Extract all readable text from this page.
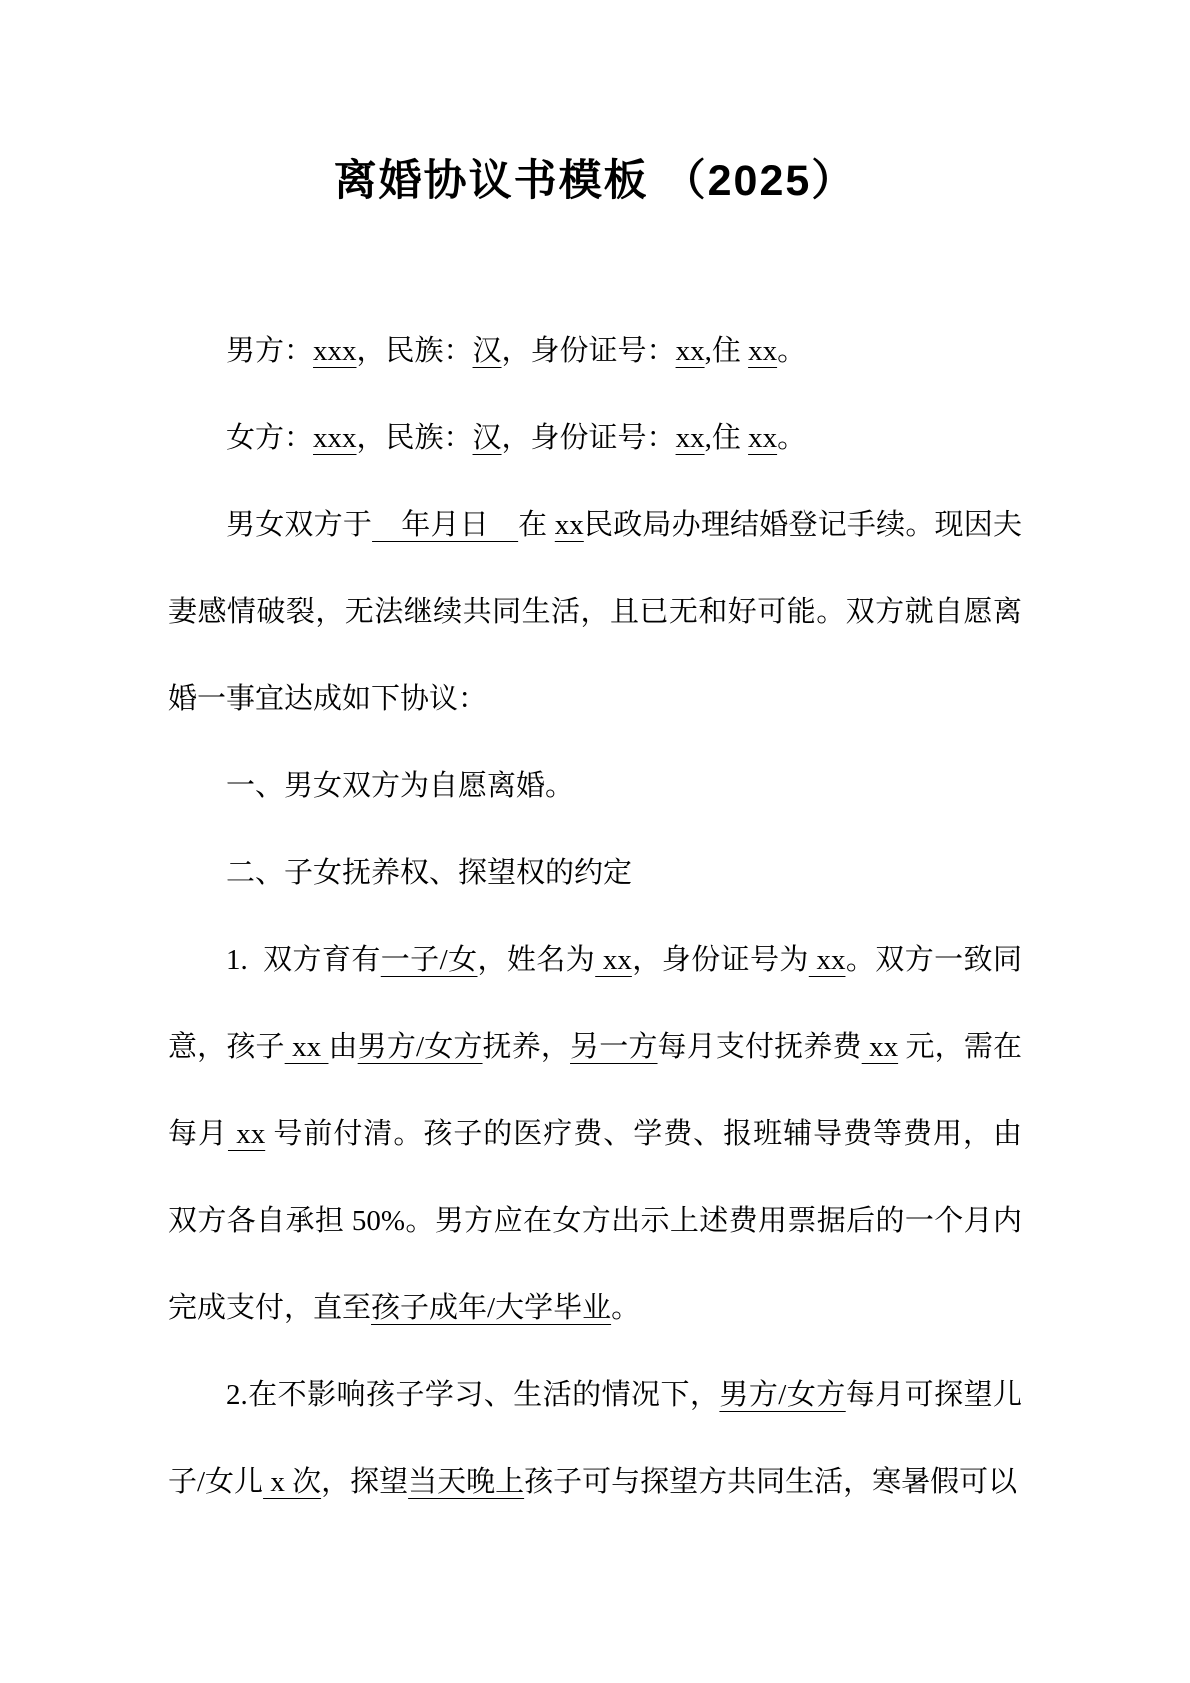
离婚协议书模板 （2025）

男方：xxx，民族：汉，身份证号：xx,住 xx。

女方：xxx，民族：汉，身份证号：xx,住 xx。

男女双方于　年月日　在 xx民政局办理结婚登记手续。现因夫妻感情破裂，无法继续共同生活，且已无和好可能。双方就自愿离婚一事宜达成如下协议：

一、男女双方为自愿离婚。

二、子女抚养权、探望权的约定

1.  双方育有一子/女，姓名为 xx，身份证号为 xx。双方一致同意，孩子 xx 由男方/女方抚养，另一方每月支付抚养费 xx 元，需在每月 xx 号前付清。孩子的医疗费、学费、报班辅导费等费用，由双方各自承担 50%。男方应在女方出示上述费用票据后的一个月内完成支付，直至孩子成年/大学毕业。

2.在不影响孩子学习、生活的情况下，男方/女方每月可探望儿子/女儿 x 次，探望当天晚上孩子可与探望方共同生活，寒暑假可以
